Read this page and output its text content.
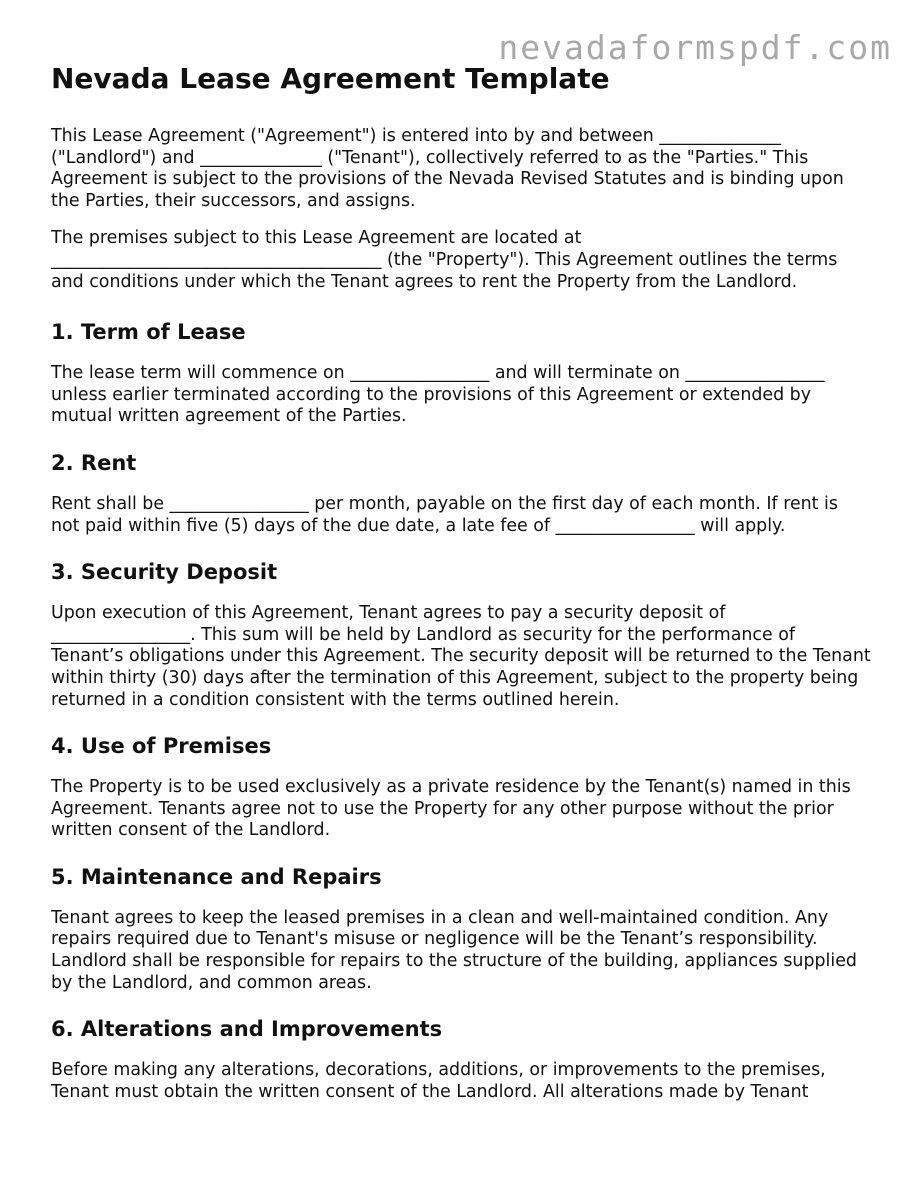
nevadaformspdf.com
Nevada Lease Agreement Template

This Lease Agreement ("Agreement") is entered into by and between ______________ ("Landlord") and ______________ ("Tenant"), collectively referred to as the "Parties." This Agreement is subject to the provisions of the Nevada Revised Statutes and is binding upon the Parties, their successors, and assigns.

The premises subject to this Lease Agreement are located at ______________________________________ (the "Property"). This Agreement outlines the terms and conditions under which the Tenant agrees to rent the Property from the Landlord.

1. Term of Lease

The lease term will commence on ________________ and will terminate on ________________ unless earlier terminated according to the provisions of this Agreement or extended by mutual written agreement of the Parties.

2. Rent

Rent shall be ________________ per month, payable on the first day of each month. If rent is not paid within five (5) days of the due date, a late fee of ________________ will apply.

3. Security Deposit

Upon execution of this Agreement, Tenant agrees to pay a security deposit of ________________. This sum will be held by Landlord as security for the performance of Tenant’s obligations under this Agreement. The security deposit will be returned to the Tenant within thirty (30) days after the termination of this Agreement, subject to the property being returned in a condition consistent with the terms outlined herein.

4. Use of Premises

The Property is to be used exclusively as a private residence by the Tenant(s) named in this Agreement. Tenants agree not to use the Property for any other purpose without the prior written consent of the Landlord.

5. Maintenance and Repairs

Tenant agrees to keep the leased premises in a clean and well-maintained condition. Any repairs required due to Tenant's misuse or negligence will be the Tenant’s responsibility. Landlord shall be responsible for repairs to the structure of the building, appliances supplied by the Landlord, and common areas.

6. Alterations and Improvements

Before making any alterations, decorations, additions, or improvements to the premises, Tenant must obtain the written consent of the Landlord. All alterations made by Tenant
